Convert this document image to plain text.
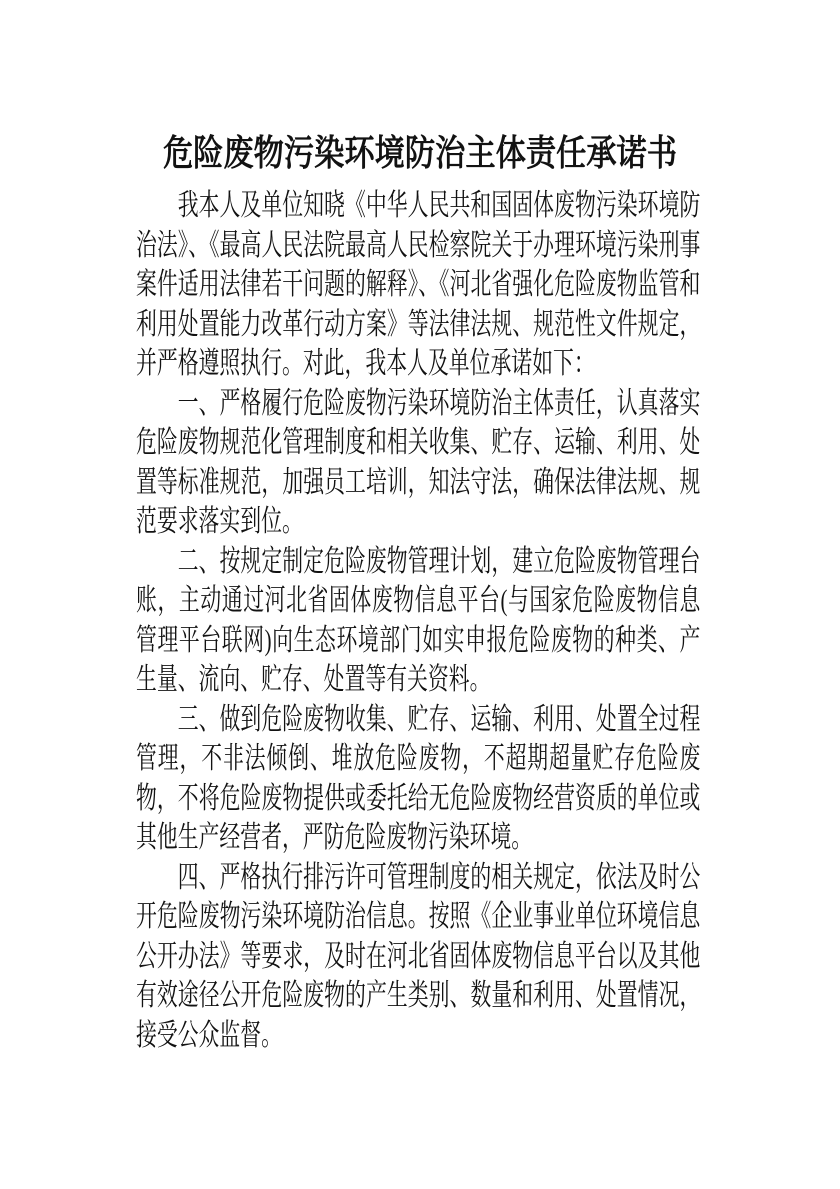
危险废物污染环境防治主体责任承诺书

我本人及单位知晓《中华人民共和国固体废物污染环境防治法》、《最高人民法院最高人民检察院关于办理环境污染刑事案件适用法律若干问题的解释》、《河北省强化危险废物监管和利用处置能力改革行动方案》等法律法规、规范性文件规定，并严格遵照执行。对此，我本人及单位承诺如下：

一、严格履行危险废物污染环境防治主体责任，认真落实危险废物规范化管理制度和相关收集、贮存、运输、利用、处置等标准规范，加强员工培训，知法守法，确保法律法规、规范要求落实到位。

二、按规定制定危险废物管理计划，建立危险废物管理台账，主动通过河北省固体废物信息平台(与国家危险废物信息管理平台联网)向生态环境部门如实申报危险废物的种类、产生量、流向、贮存、处置等有关资料。

三、做到危险废物收集、贮存、运输、利用、处置全过程管理，不非法倾倒、堆放危险废物，不超期超量贮存危险废物，不将危险废物提供或委托给无危险废物经营资质的单位或其他生产经营者，严防危险废物污染环境。

四、严格执行排污许可管理制度的相关规定，依法及时公开危险废物污染环境防治信息。按照《企业事业单位环境信息公开办法》等要求，及时在河北省固体废物信息平台以及其他有效途径公开危险废物的产生类别、数量和利用、处置情况，接受公众监督。
